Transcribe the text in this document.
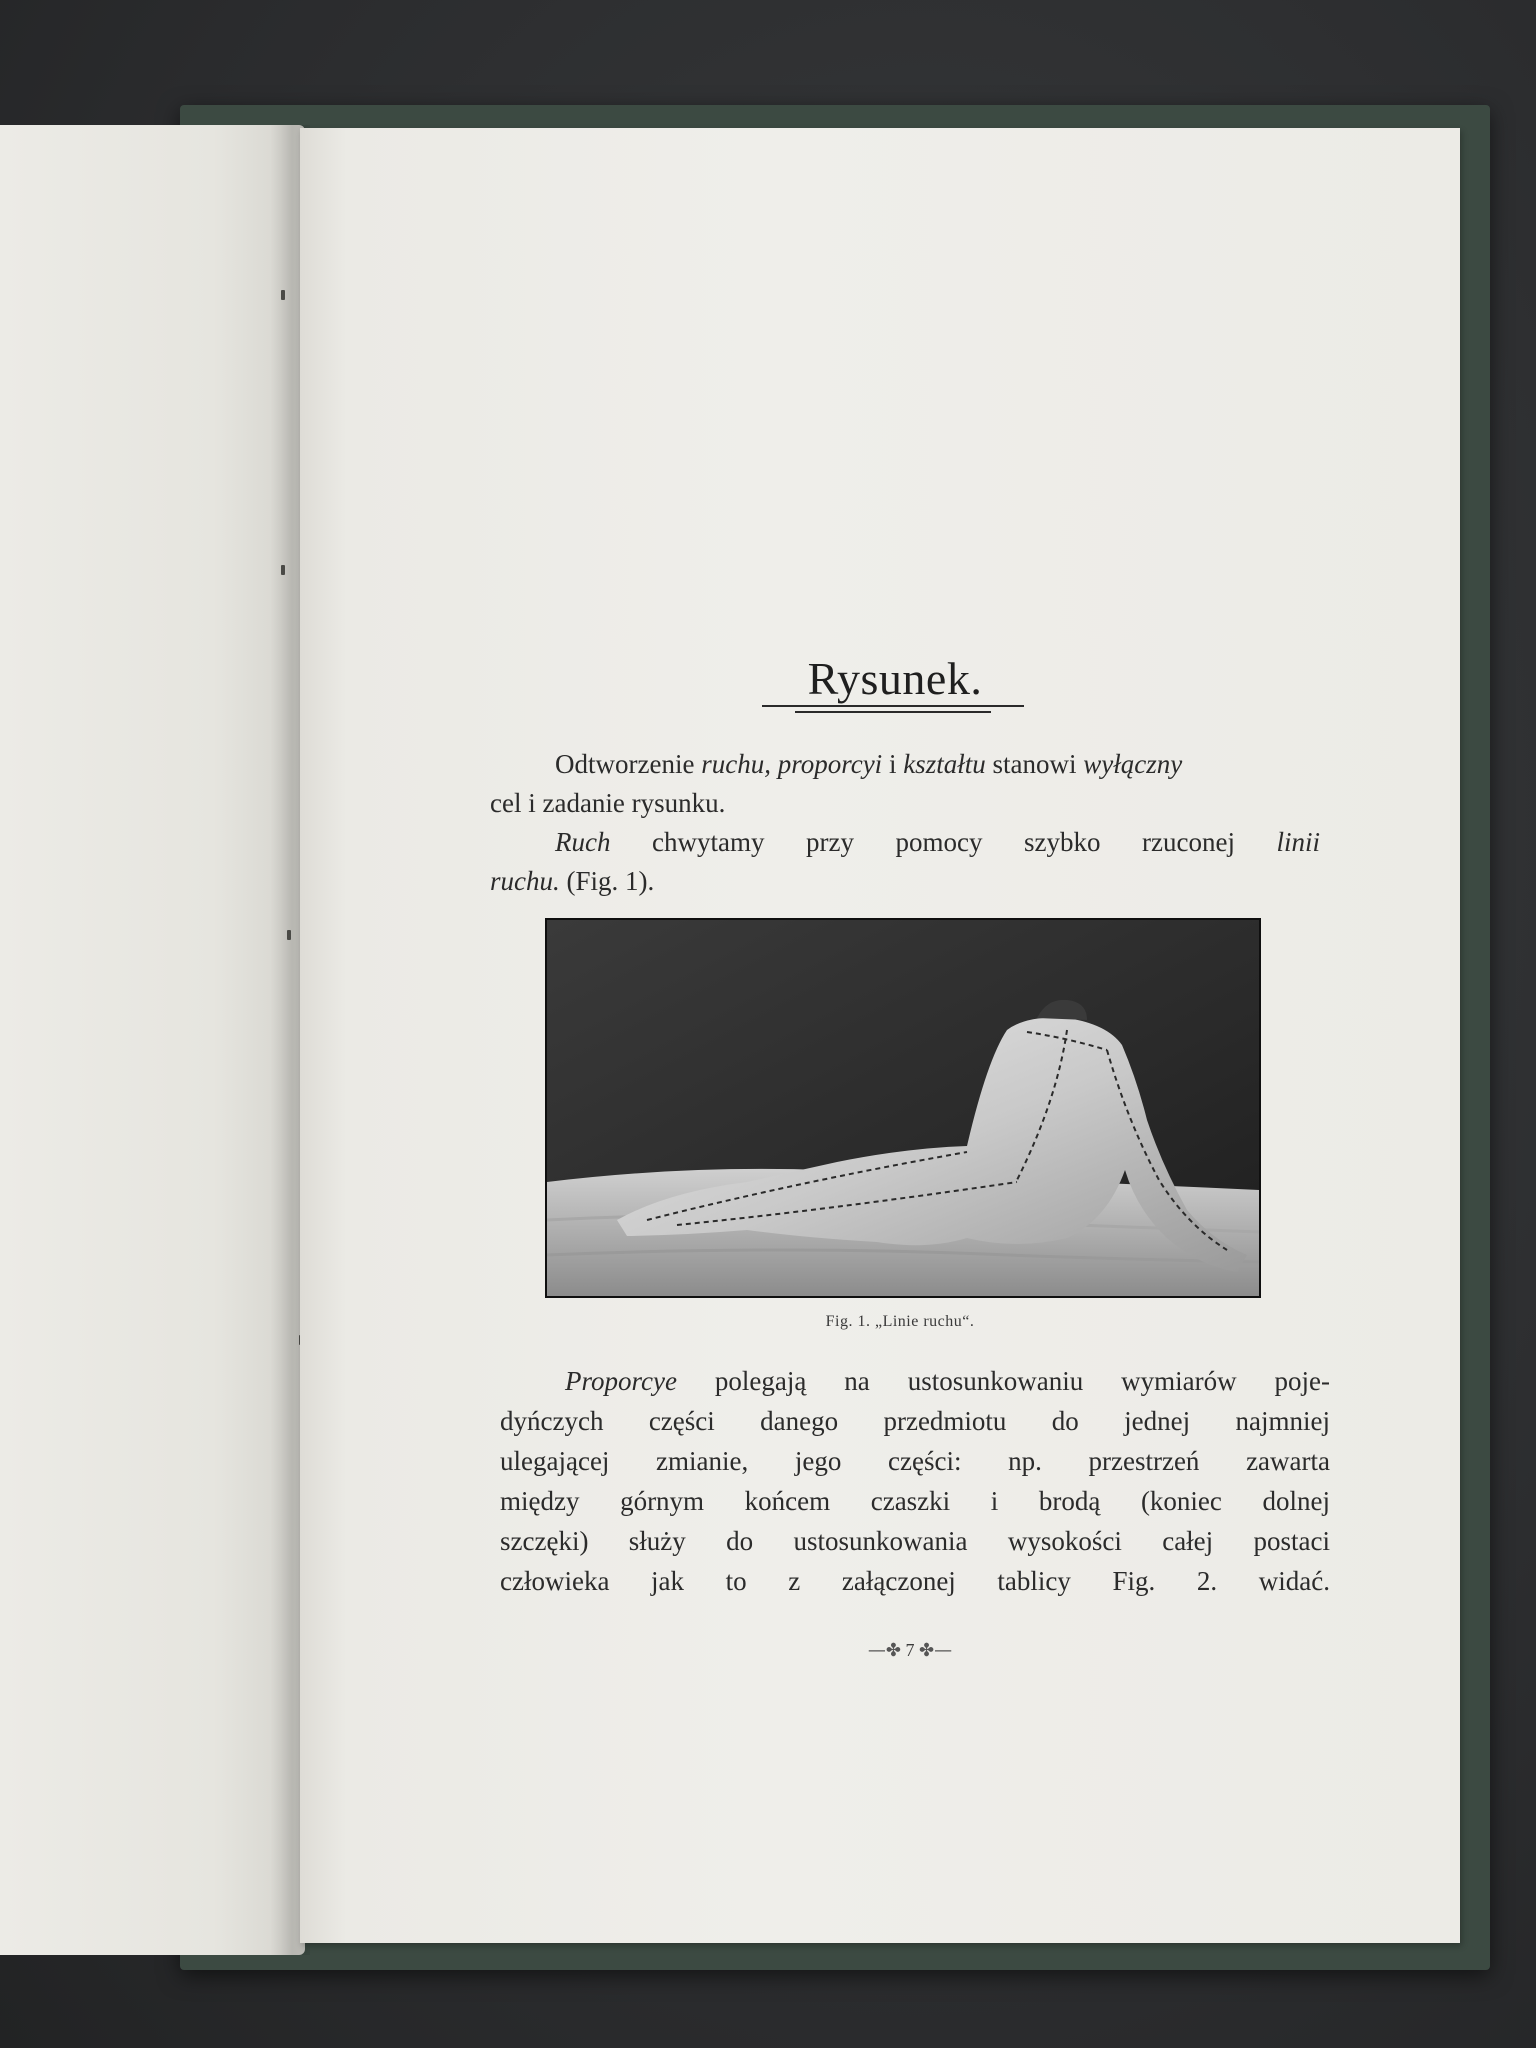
Rysunek.

Odtworzenie ruchu, proporcyi i kształtu stanowi wyłączny
cel i zadanie rysunku.

Ruch chwytamy przy pomocy szybko rzuconej linii
ruchu. (Fig. 1).

Fig. 1. „Linie ruchu“.

Proporcye polegają na ustosunkowaniu wymiarów poje-
dyńczych części danego przedmiotu do jednej najmniej
ulegającej zmianie, jego części: np. przestrzeń zawarta
między górnym końcem czaszki i brodą (koniec dolnej
szczęki) służy do ustosunkowania wysokości całej postaci
człowieka jak to z załączonej tablicy Fig. 2. widać.

—✤ 7 ✤—
